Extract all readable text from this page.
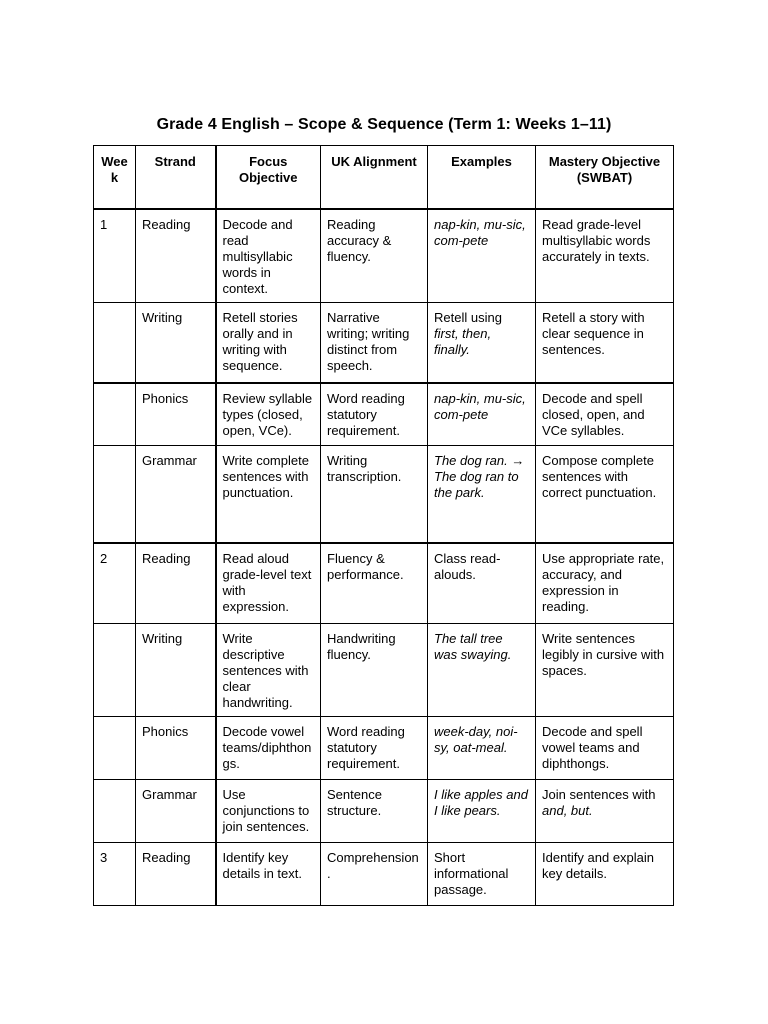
Grade 4 English – Scope & Sequence (Term 1: Weeks 1–11)
Wee k	Strand	Focus Objective	UK Alignment	Examples	Mastery Objective (SWBAT)
1	Reading	Decode and read multisyllabic words in context.	Reading accuracy & fluency.	nap-kin, mu-sic, com-pete	Read grade-level multisyllabic words accurately in texts.
	Writing	Retell stories orally and in writing with sequence.	Narrative writing; writing distinct from speech.	Retell using first, then, finally.	Retell a story with clear sequence in sentences.
	Phonics	Review syllable types (closed, open, VCe).	Word reading statutory requirement.	nap-kin, mu-sic, com-pete	Decode and spell closed, open, and VCe syllables.
	Grammar	Write complete sentences with punctuation.	Writing transcription.	The dog ran. → The dog ran to the park.	Compose complete sentences with correct punctuation.
2	Reading	Read aloud grade-level text with expression.	Fluency & performance.	Class read-alouds.	Use appropriate rate, accuracy, and expression in reading.
	Writing	Write descriptive sentences with clear handwriting.	Handwriting fluency.	The tall tree was swaying.	Write sentences legibly in cursive with spaces.
	Phonics	Decode vowel teams/diphthongs.	Word reading statutory requirement.	week-day, noi-sy, oat-meal.	Decode and spell vowel teams and diphthongs.
	Grammar	Use conjunctions to join sentences.	Sentence structure.	I like apples and I like pears.	Join sentences with and, but.
3	Reading	Identify key details in text.	Comprehension.	Short informational passage.	Identify and explain key details.
